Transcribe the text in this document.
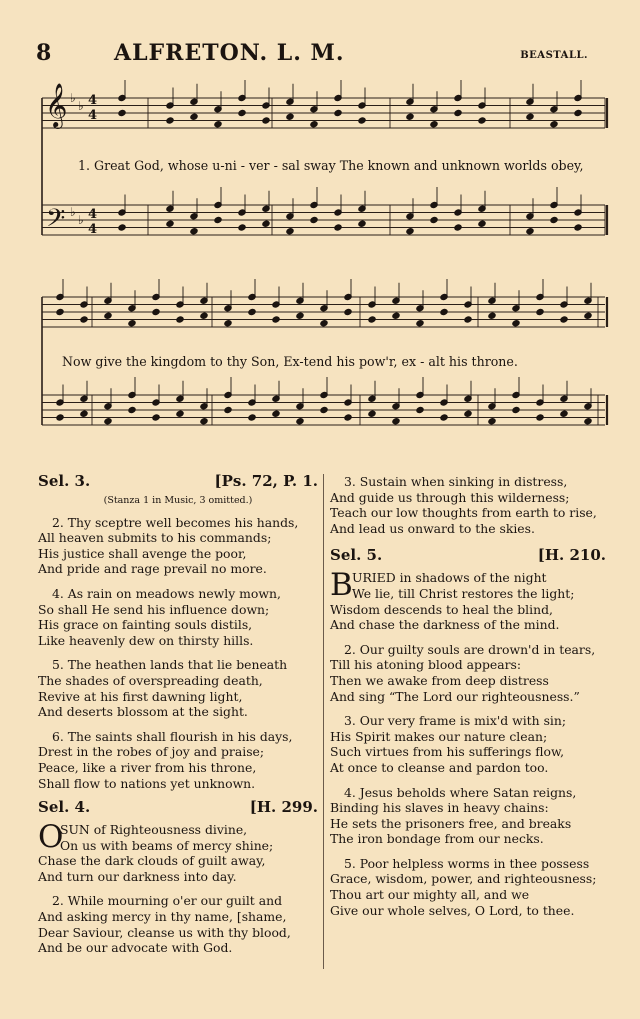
8	ALFRETON. L. M.	BEASTALL.
𝄞
𝄢
4
4
4
4
♭
♭
♭
♭
1. Great God, whose u-ni - ver - sal sway The known and unknown worlds obey,
Now give the kingdom to thy Son, Ex-tend his pow'r, ex - alt his throne.
Sel. 3.	[Ps. 72, P. 1.
(Stanza 1 in Music, 3 omitted.)
2. Thy sceptre well becomes his hands,
All heaven submits to his commands;
His justice shall avenge the poor,
And pride and rage prevail no more.
4. As rain on meadows newly mown,
So shall He send his influence down;
His grace on fainting souls distils,
Like heavenly dew on thirsty hills.
5. The heathen lands that lie beneath
The shades of overspreading death,
Revive at his first dawning light,
And deserts blossom at the sight.
6. The saints shall flourish in his days,
Drest in the robes of joy and praise;
Peace, like a river from his throne,
Shall flow to nations yet unknown.
Sel. 4.	[H. 299.
O
SUN of Righteousness divine,
On us with beams of mercy shine;
Chase the dark clouds of guilt away,
And turn our darkness into day.
2. While mourning o'er our guilt and
And asking mercy in thy name, [shame,
Dear Saviour, cleanse us with thy blood,
And be our advocate with God.
3. Sustain when sinking in distress,
And guide us through this wilderness;
Teach our low thoughts from earth to rise,
And lead us onward to the skies.
Sel. 5.	[H. 210.
B URIED in shadows of the night
We lie, till Christ restores the light;
Wisdom descends to heal the blind,
And chase the darkness of the mind.
2. Our guilty souls are drown'd in tears,
Till his atoning blood appears:
Then we awake from deep distress
And sing “The Lord our righteousness.”
3. Our very frame is mix'd with sin;
His Spirit makes our nature clean;
Such virtues from his sufferings flow,
At once to cleanse and pardon too.
4. Jesus beholds where Satan reigns,
Binding his slaves in heavy chains:
He sets the prisoners free, and breaks
The iron bondage from our necks.
5. Poor helpless worms in thee possess
Grace, wisdom, power, and righteousness;
Thou art our mighty all, and we
Give our whole selves, O Lord, to thee.
